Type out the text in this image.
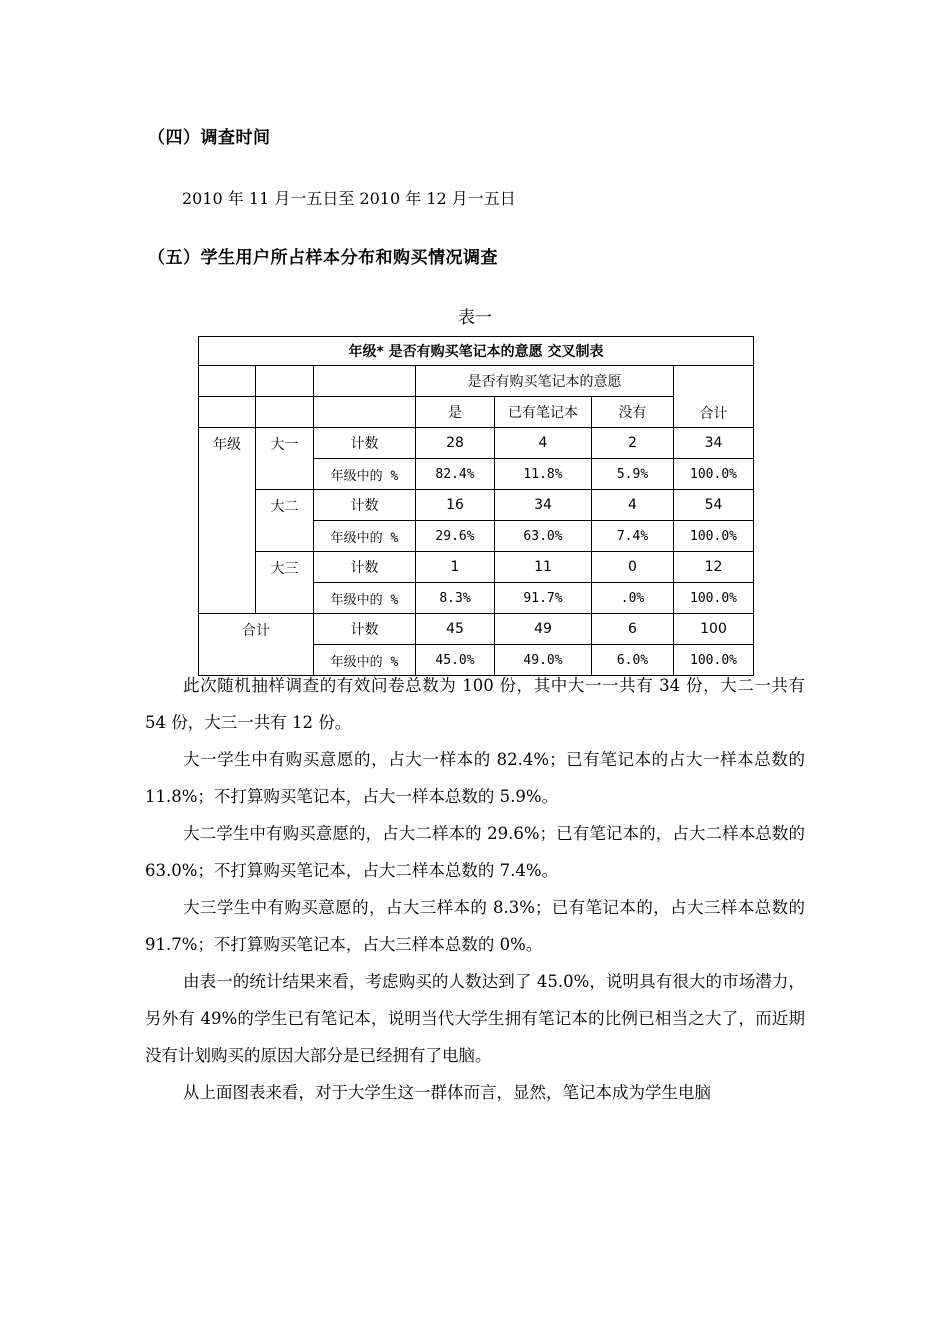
（四）调查时间
2010 年 11 月一五日至 2010 年 12 月一五日
（五）学生用户所占样本分布和购买情况调查
表一
年级* 是否有购买笔记本的意愿 交叉制表						
			是否有购买笔记本的意愿			合计
			是	已有笔记本	没有	
年级	大一	计数	28	4	2	34
		年级中的 %	82.4%	11.8%	5.9%	100.0%
	大二	计数	16	34	4	54
		年级中的 %	29.6%	63.0%	7.4%	100.0%
	大三	计数	1	11	0	12
		年级中的 %	8.3%	91.7%	.0%	100.0%
合计		计数	45	49	6	100
		年级中的 %	45.0%	49.0%	6.0%	100.0%

此次随机抽样调查的有效问卷总数为 100 份，其中大一一共有 34 份，大二一共有 54 份，大三一共有 12 份。

大一学生中有购买意愿的，占大一样本的 82.4%；已有笔记本的占大一样本总数的 11.8%；不打算购买笔记本，占大一样本总数的 5.9%。

大二学生中有购买意愿的，占大二样本的 29.6%；已有笔记本的，占大二样本总数的 63.0%；不打算购买笔记本，占大二样本总数的 7.4%。

大三学生中有购买意愿的，占大三样本的 8.3%；已有笔记本的，占大三样本总数的 91.7%；不打算购买笔记本，占大三样本总数的 0%。

由表一的统计结果来看，考虑购买的人数达到了 45.0%，说明具有很大的市场潜力，另外有 49%的学生已有笔记本，说明当代大学生拥有笔记本的比例已相当之大了，而近期没有计划购买的原因大部分是已经拥有了电脑。

从上面图表来看，对于大学生这一群体而言，显然，笔记本成为学生电脑
